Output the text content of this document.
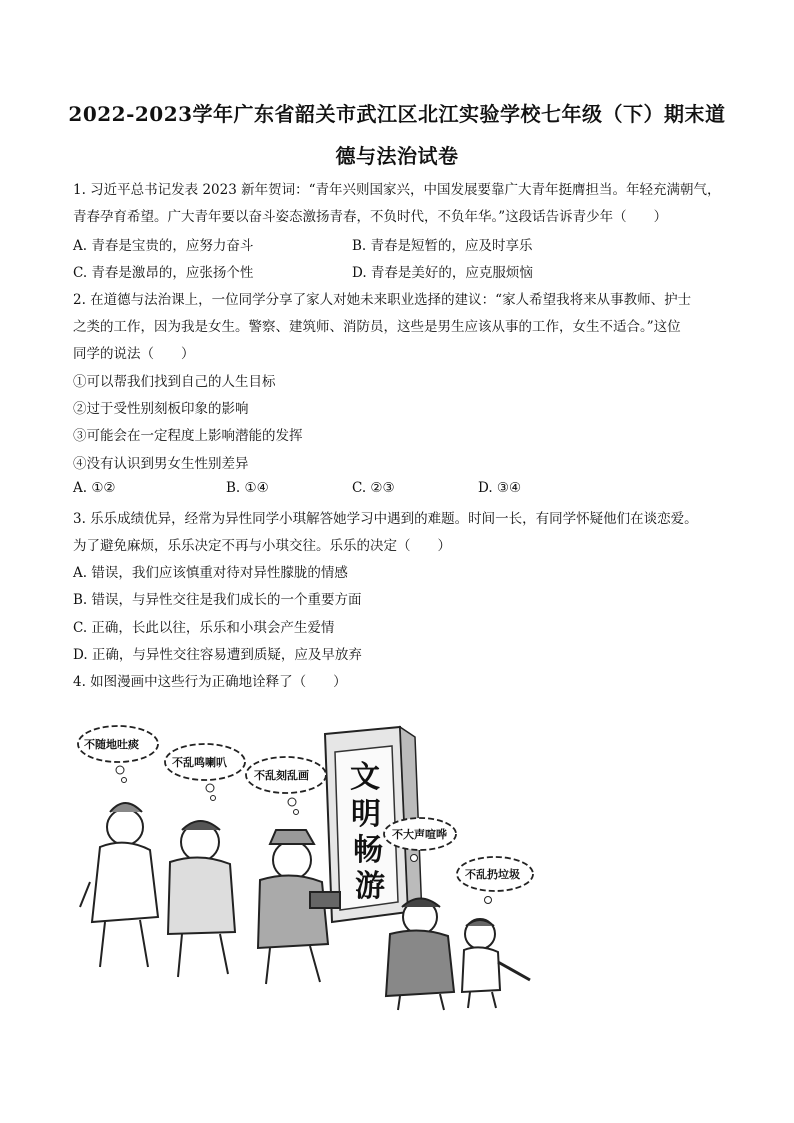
2022-2023学年广东省韶关市武江区北江实验学校七年级（下）期末道
德与法治试卷
1. 习近平总书记发表 2023 新年贺词：“青年兴则国家兴，中国发展要靠广大青年挺膺担当。年轻充满朝气，
青春孕育希望。广大青年要以奋斗姿态激扬青春，不负时代，不负年华。”这段话告诉青少年（　　）
A. 青春是宝贵的，应努力奋斗	B. 青春是短暂的，应及时享乐
C. 青春是激昂的，应张扬个性	D. 青春是美好的，应克服烦恼
2. 在道德与法治课上，一位同学分享了家人对她未来职业选择的建议：“家人希望我将来从事教师、护士
之类的工作，因为我是女生。警察、建筑师、消防员，这些是男生应该从事的工作，女生不适合。”这位
同学的说法（　　）
①可以帮我们找到自己的人生目标
②过于受性别刻板印象的影响
③可能会在一定程度上影响潜能的发挥
④没有认识到男女生性别差异
A. ①②	B. ①④	C. ②③	D. ③④
3. 乐乐成绩优异，经常为异性同学小琪解答她学习中遇到的难题。时间一长，有同学怀疑他们在谈恋爱。
为了避免麻烦，乐乐决定不再与小琪交往。乐乐的决定（　　）
A. 错误，我们应该慎重对待对异性朦胧的情感
B. 错误，与异性交往是我们成长的一个重要方面
C. 正确，长此以往，乐乐和小琪会产生爱情
D. 正确，与异性交往容易遭到质疑，应及早放弃
4. 如图漫画中这些行为正确地诠释了（　　）
文
明
畅
游
不随地吐痰
不乱鸣喇叭
不乱刻乱画
不大声喧哗
不乱扔垃圾
